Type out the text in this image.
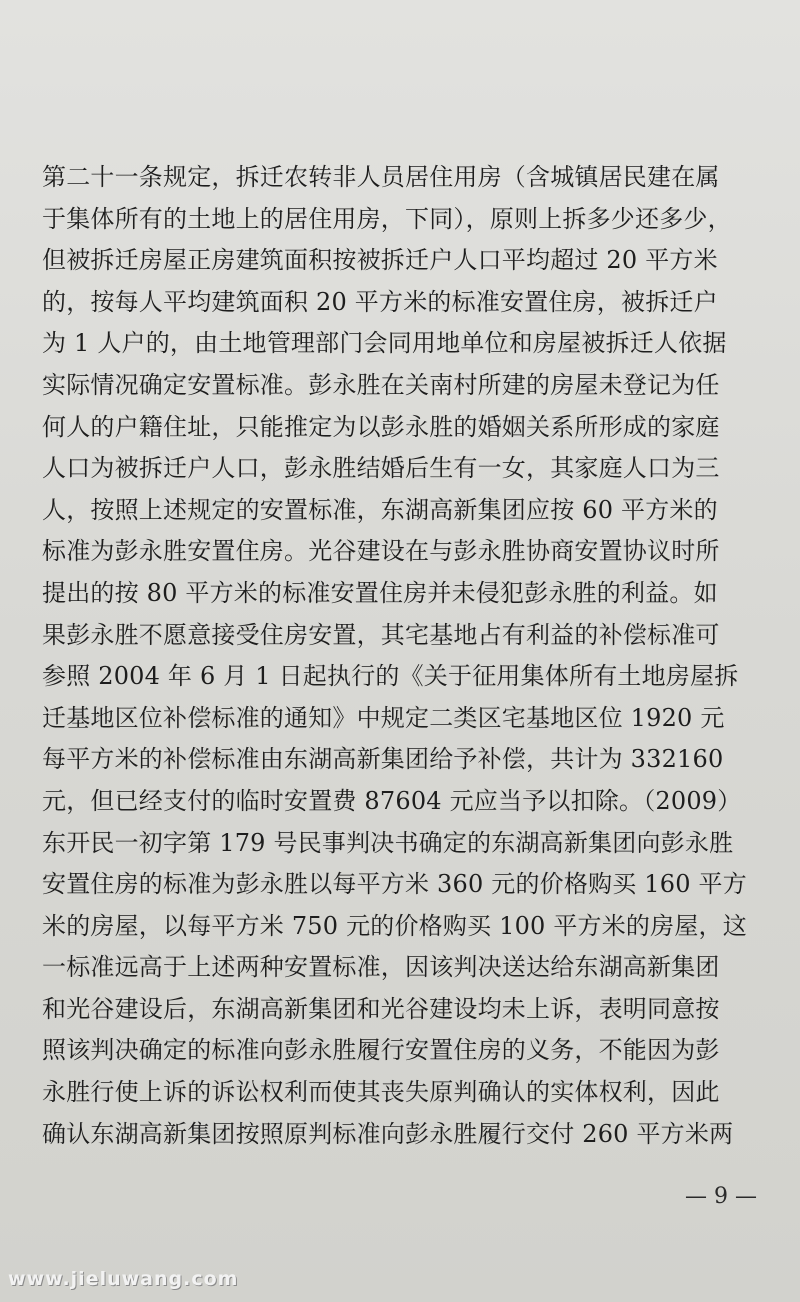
第二十一条规定，拆迁农转非人员居住用房（含城镇居民建在属
于集体所有的土地上的居住用房，下同），原则上拆多少还多少，
但被拆迁房屋正房建筑面积按被拆迁户人口平均超过 20 平方米
的，按每人平均建筑面积 20 平方米的标准安置住房，被拆迁户
为 1 人户的，由土地管理部门会同用地单位和房屋被拆迁人依据
实际情况确定安置标准。彭永胜在关南村所建的房屋未登记为任
何人的户籍住址，只能推定为以彭永胜的婚姻关系所形成的家庭
人口为被拆迁户人口，彭永胜结婚后生有一女，其家庭人口为三
人，按照上述规定的安置标准，东湖高新集团应按 60 平方米的
标准为彭永胜安置住房。光谷建设在与彭永胜协商安置协议时所
提出的按 80 平方米的标准安置住房并未侵犯彭永胜的利益。如
果彭永胜不愿意接受住房安置，其宅基地占有利益的补偿标准可
参照 2004 年 6 月 1 日起执行的《关于征用集体所有土地房屋拆
迁基地区位补偿标准的通知》中规定二类区宅基地区位 1920 元
每平方米的补偿标准由东湖高新集团给予补偿，共计为 332160
元，但已经支付的临时安置费 87604 元应当予以扣除。（2009）
东开民一初字第 179 号民事判决书确定的东湖高新集团向彭永胜
安置住房的标准为彭永胜以每平方米 360 元的价格购买 160 平方
米的房屋，以每平方米 750 元的价格购买 100 平方米的房屋，这
一标准远高于上述两种安置标准，因该判决送达给东湖高新集团
和光谷建设后，东湖高新集团和光谷建设均未上诉，表明同意按
照该判决确定的标准向彭永胜履行安置住房的义务，不能因为彭
永胜行使上诉的诉讼权利而使其丧失原判确认的实体权利，因此
确认东湖高新集团按照原判标准向彭永胜履行交付 260 平方米两
— 9 —
www.jieluwang.com
